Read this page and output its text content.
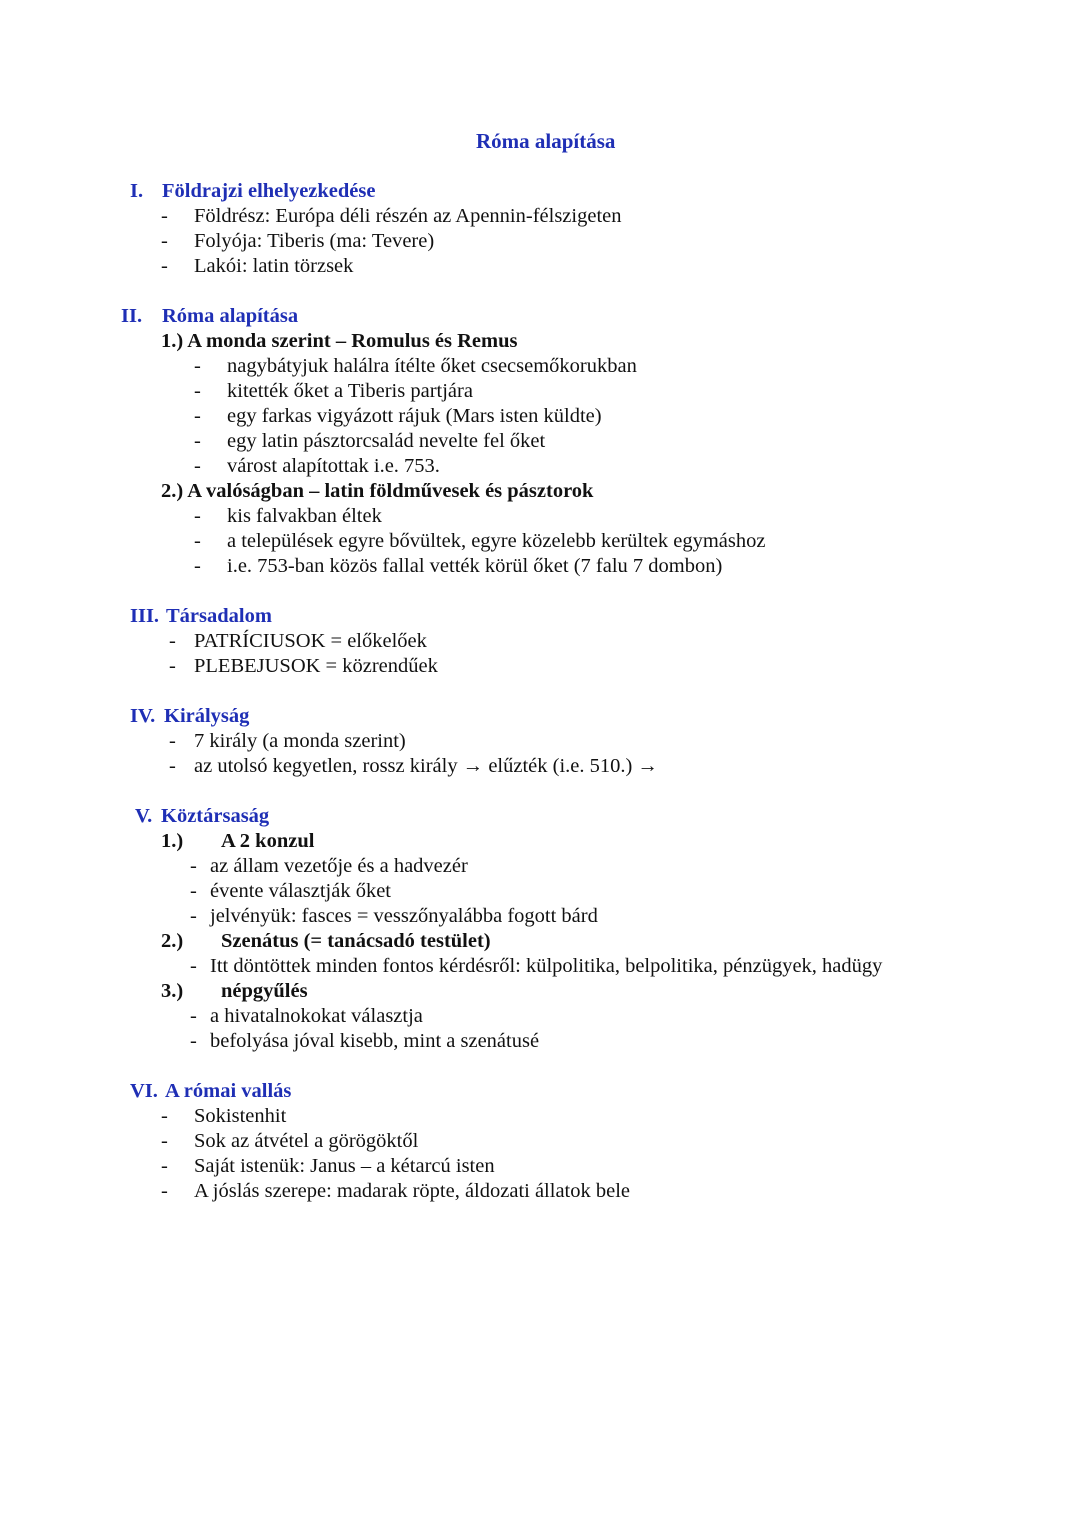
Róma alapítása
I. Földrajzi elhelyezkedése
- Földrész: Európa déli részén az Apennin-félszigeten
- Folyója: Tiberis (ma: Tevere)
- Lakói: latin törzsek
II. Róma alapítása
1.) A monda szerint – Romulus és Remus
- nagybátyjuk halálra ítélte őket csecsemőkorukban
- kitették őket a Tiberis partjára
- egy farkas vigyázott rájuk (Mars isten küldte)
- egy latin pásztorcsalád nevelte fel őket
- várost alapítottak i.e. 753.
2.) A valóságban – latin földművesek és pásztorok
- kis falvakban éltek
- a települések egyre bővültek, egyre közelebb kerültek egymáshoz
- i.e. 753-ban közös fallal vették körül őket (7 falu 7 dombon)
III. Társadalom
- PATRÍCIUSOK = előkelőek
- PLEBEJUSOK = közrendűek
IV. Királyság
- 7 király (a monda szerint)
- az utolsó kegyetlen, rossz király → elűzték (i.e. 510.) →
V. Köztársaság
1.) A 2 konzul
- az állam vezetője és a hadvezér
- évente választják őket
- jelvényük: fasces = vesszőnyalábba fogott bárd
2.) Szenátus (= tanácsadó testület)
- Itt döntöttek minden fontos kérdésről: külpolitika, belpolitika, pénzügyek, hadügy
3.) népgyűlés
- a hivatalnokokat választja
- befolyása jóval kisebb, mint a szenátusé
VI. A római vallás
- Sokistenhit
- Sok az átvétel a görögöktől
- Saját istenük: Janus – a kétarcú isten
- A jóslás szerepe: madarak röpte, áldozati állatok bele
